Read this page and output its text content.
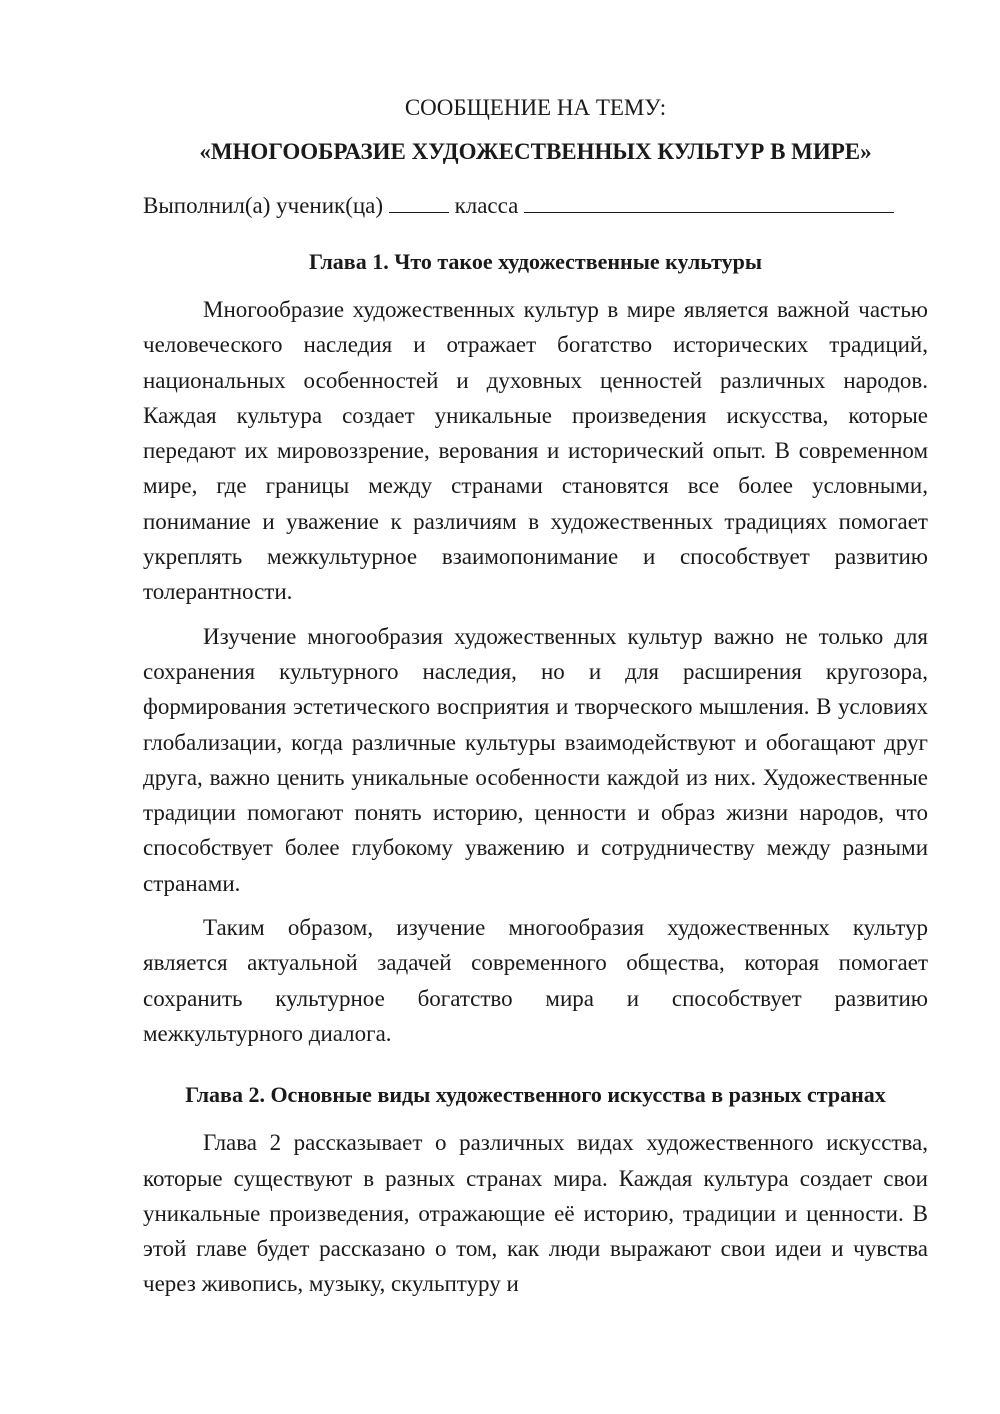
СООБЩЕНИЕ НА ТЕМУ:

«МНОГООБРАЗИЕ ХУДОЖЕСТВЕННЫХ КУЛЬТУР В МИРЕ»

Выполнил(а) ученик(ца)	класса

Глава 1. Что такое художественные культуры

Многообразие художественных культур в мире является важной частью человеческого наследия и отражает богатство исторических традиций, национальных особенностей и духовных ценностей различных народов. Каждая культура создает уникальные произведения искусства, которые передают их мировоззрение, верования и исторический опыт. В современном мире, где границы между странами становятся все более условными, понимание и уважение к различиям в художественных традициях помогает укреплять межкультурное взаимопонимание и способствует развитию толерантности.

Изучение многообразия художественных культур важно не только для сохранения культурного наследия, но и для расширения кругозора, формирования эстетического восприятия и творческого мышления. В условиях глобализации, когда различные культуры взаимодействуют и обогащают друг друга, важно ценить уникальные особенности каждой из них. Художественные традиции помогают понять историю, ценности и образ жизни народов, что способствует более глубокому уважению и сотрудничеству между разными странами.

Таким образом, изучение многообразия художественных культур является актуальной задачей современного общества, которая помогает сохранить культурное богатство мира и способствует развитию межкультурного диалога.

Глава 2. Основные виды художественного искусства в разных странах

Глава 2 рассказывает о различных видах художественного искусства, которые существуют в разных странах мира. Каждая культура создает свои уникальные произведения, отражающие её историю, традиции и ценности. В этой главе будет рассказано о том, как люди выражают свои идеи и чувства через живопись, музыку, скульптуру и
